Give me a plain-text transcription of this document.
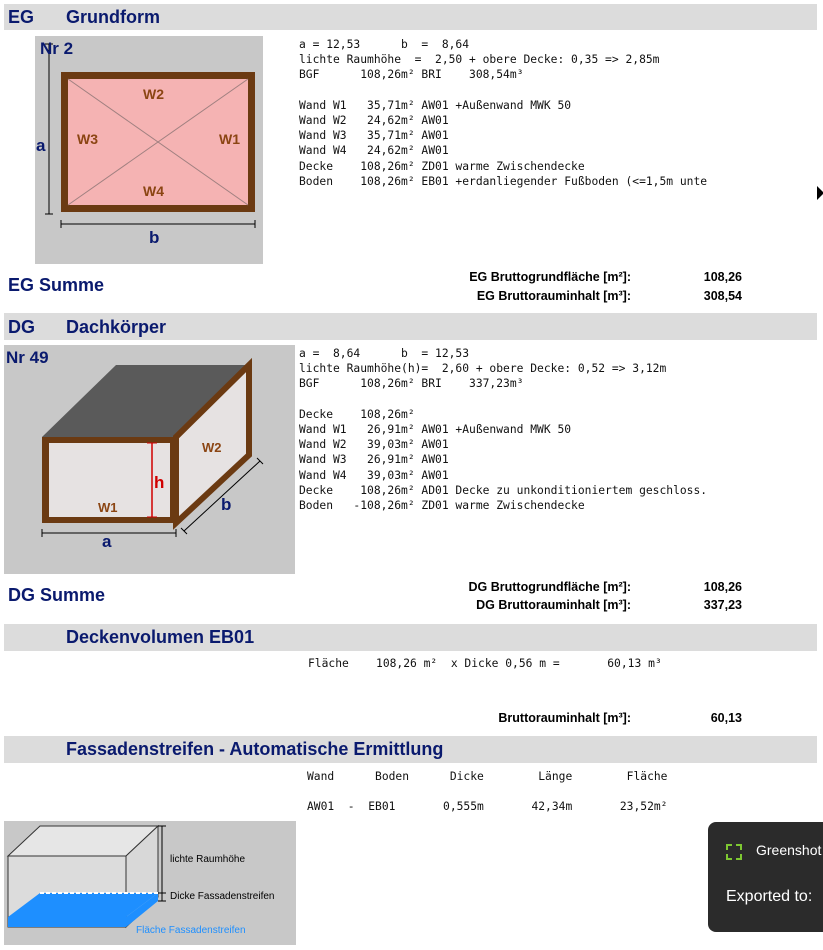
EG Grundform
Nr 2
W2
W3	W1
W4
a
b
a = 12,53      b  =  8,64
lichte Raumhöhe  =  2,50 + obere Decke: 0,35 => 2,85m
BGF      108,26m² BRI    308,54m³

Wand W1   35,71m² AW01 +Außenwand MWK 50
Wand W2   24,62m² AW01
Wand W3   35,71m² AW01
Wand W4   24,62m² AW01
Decke    108,26m² ZD01 warme Zwischendecke
Boden    108,26m² EB01 +erdanliegender Fußboden (<=1,5m unte
EG Summe	EG Bruttogrundfläche [m²]:	108,26
EG Bruttorauminhalt [m³]:	308,54
DG Dachkörper
Nr 49
W2
W1
h
b
a
a =  8,64      b  = 12,53
lichte Raumhöhe(h)=  2,60 + obere Decke: 0,52 => 3,12m
BGF      108,26m² BRI    337,23m³

Decke    108,26m²
Wand W1   26,91m² AW01 +Außenwand MWK 50
Wand W2   39,03m² AW01
Wand W3   26,91m² AW01
Wand W4   39,03m² AW01
Decke    108,26m² AD01 Decke zu unkonditioniertem geschloss.
Boden   -108,26m² ZD01 warme Zwischendecke
DG Summe	DG Bruttogrundfläche [m²]:	108,26
DG Bruttorauminhalt [m³]:	337,23
Deckenvolumen EB01
Fläche    108,26 m²  x Dicke 0,56 m =       60,13 m³
Bruttorauminhalt [m³]:	60,13
Fassadenstreifen - Automatische Ermittlung
Wand      Boden      Dicke        Länge        Fläche
AW01  -  EB01       0,555m       42,34m       23,52m²
lichte Raumhöhe
Dicke Fassadenstreifen
Fläche Fassadenstreifen
Greenshot
Exported to:
